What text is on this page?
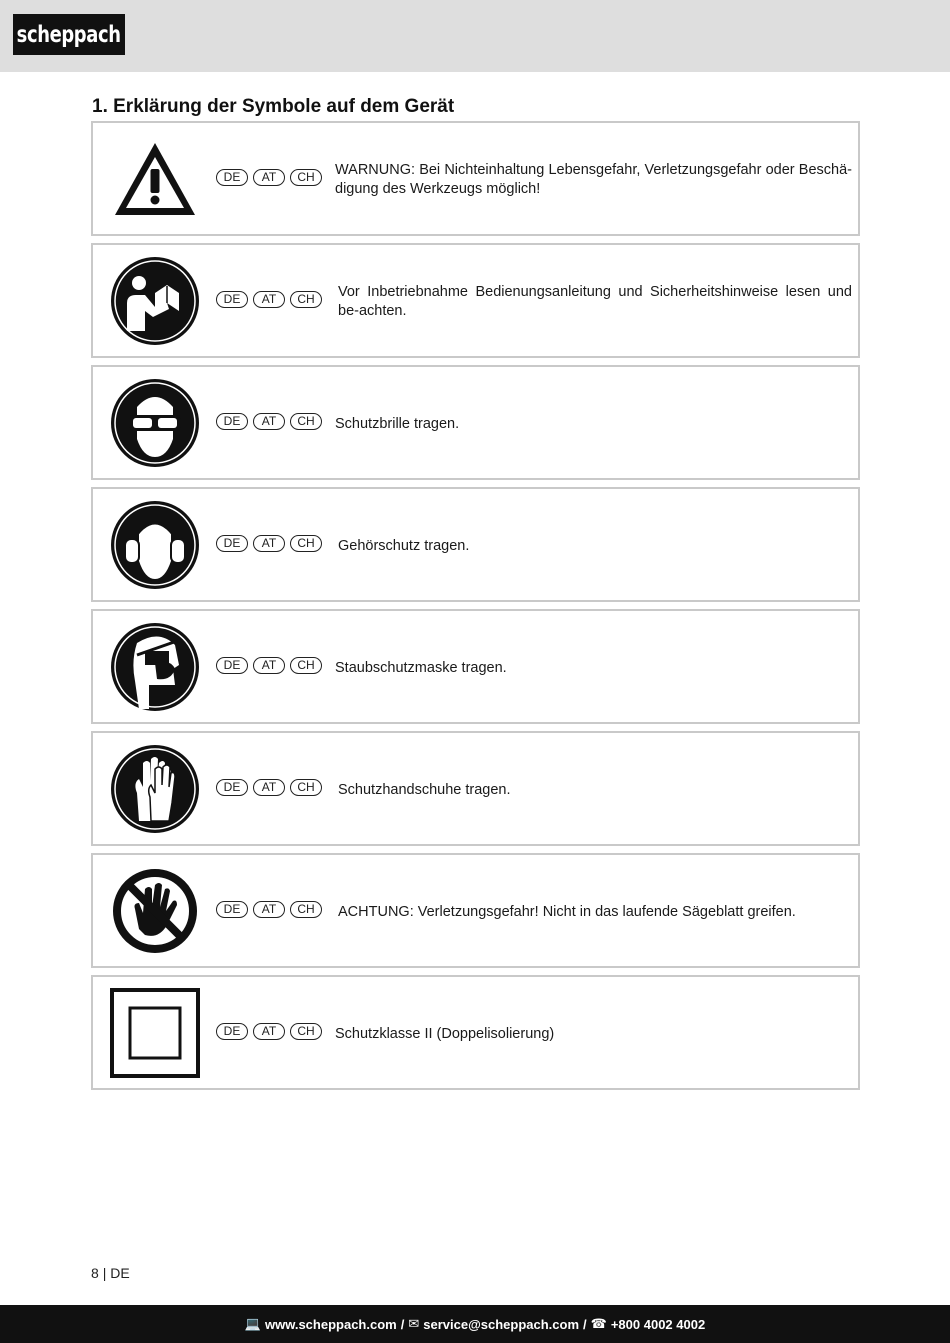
scheppach
1. Erklärung der Symbole auf dem Gerät
DE	AT	CH	WARNUNG: Bei Nichteinhaltung Lebensgefahr, Verletzungsgefahr oder Beschä-digung des Werkzeugs möglich!
DE	AT	CH	Vor Inbetriebnahme Bedienungsanleitung und Sicherheitshinweise lesen und be-achten.
DE	AT	CH	Schutzbrille tragen.
DE	AT	CH	Gehörschutz tragen.
DE	AT	CH	Staubschutzmaske tragen.
DE	AT	CH	Schutzhandschuhe tragen.
DE	AT	CH	ACHTUNG: Verletzungsgefahr! Nicht in das laufende Sägeblatt greifen.
DE	AT	CH	Schutzklasse II (Doppelisolierung)
8 | DE
💻 www.scheppach.com / ✉ service@scheppach.com / ☎ +800 4002 4002
